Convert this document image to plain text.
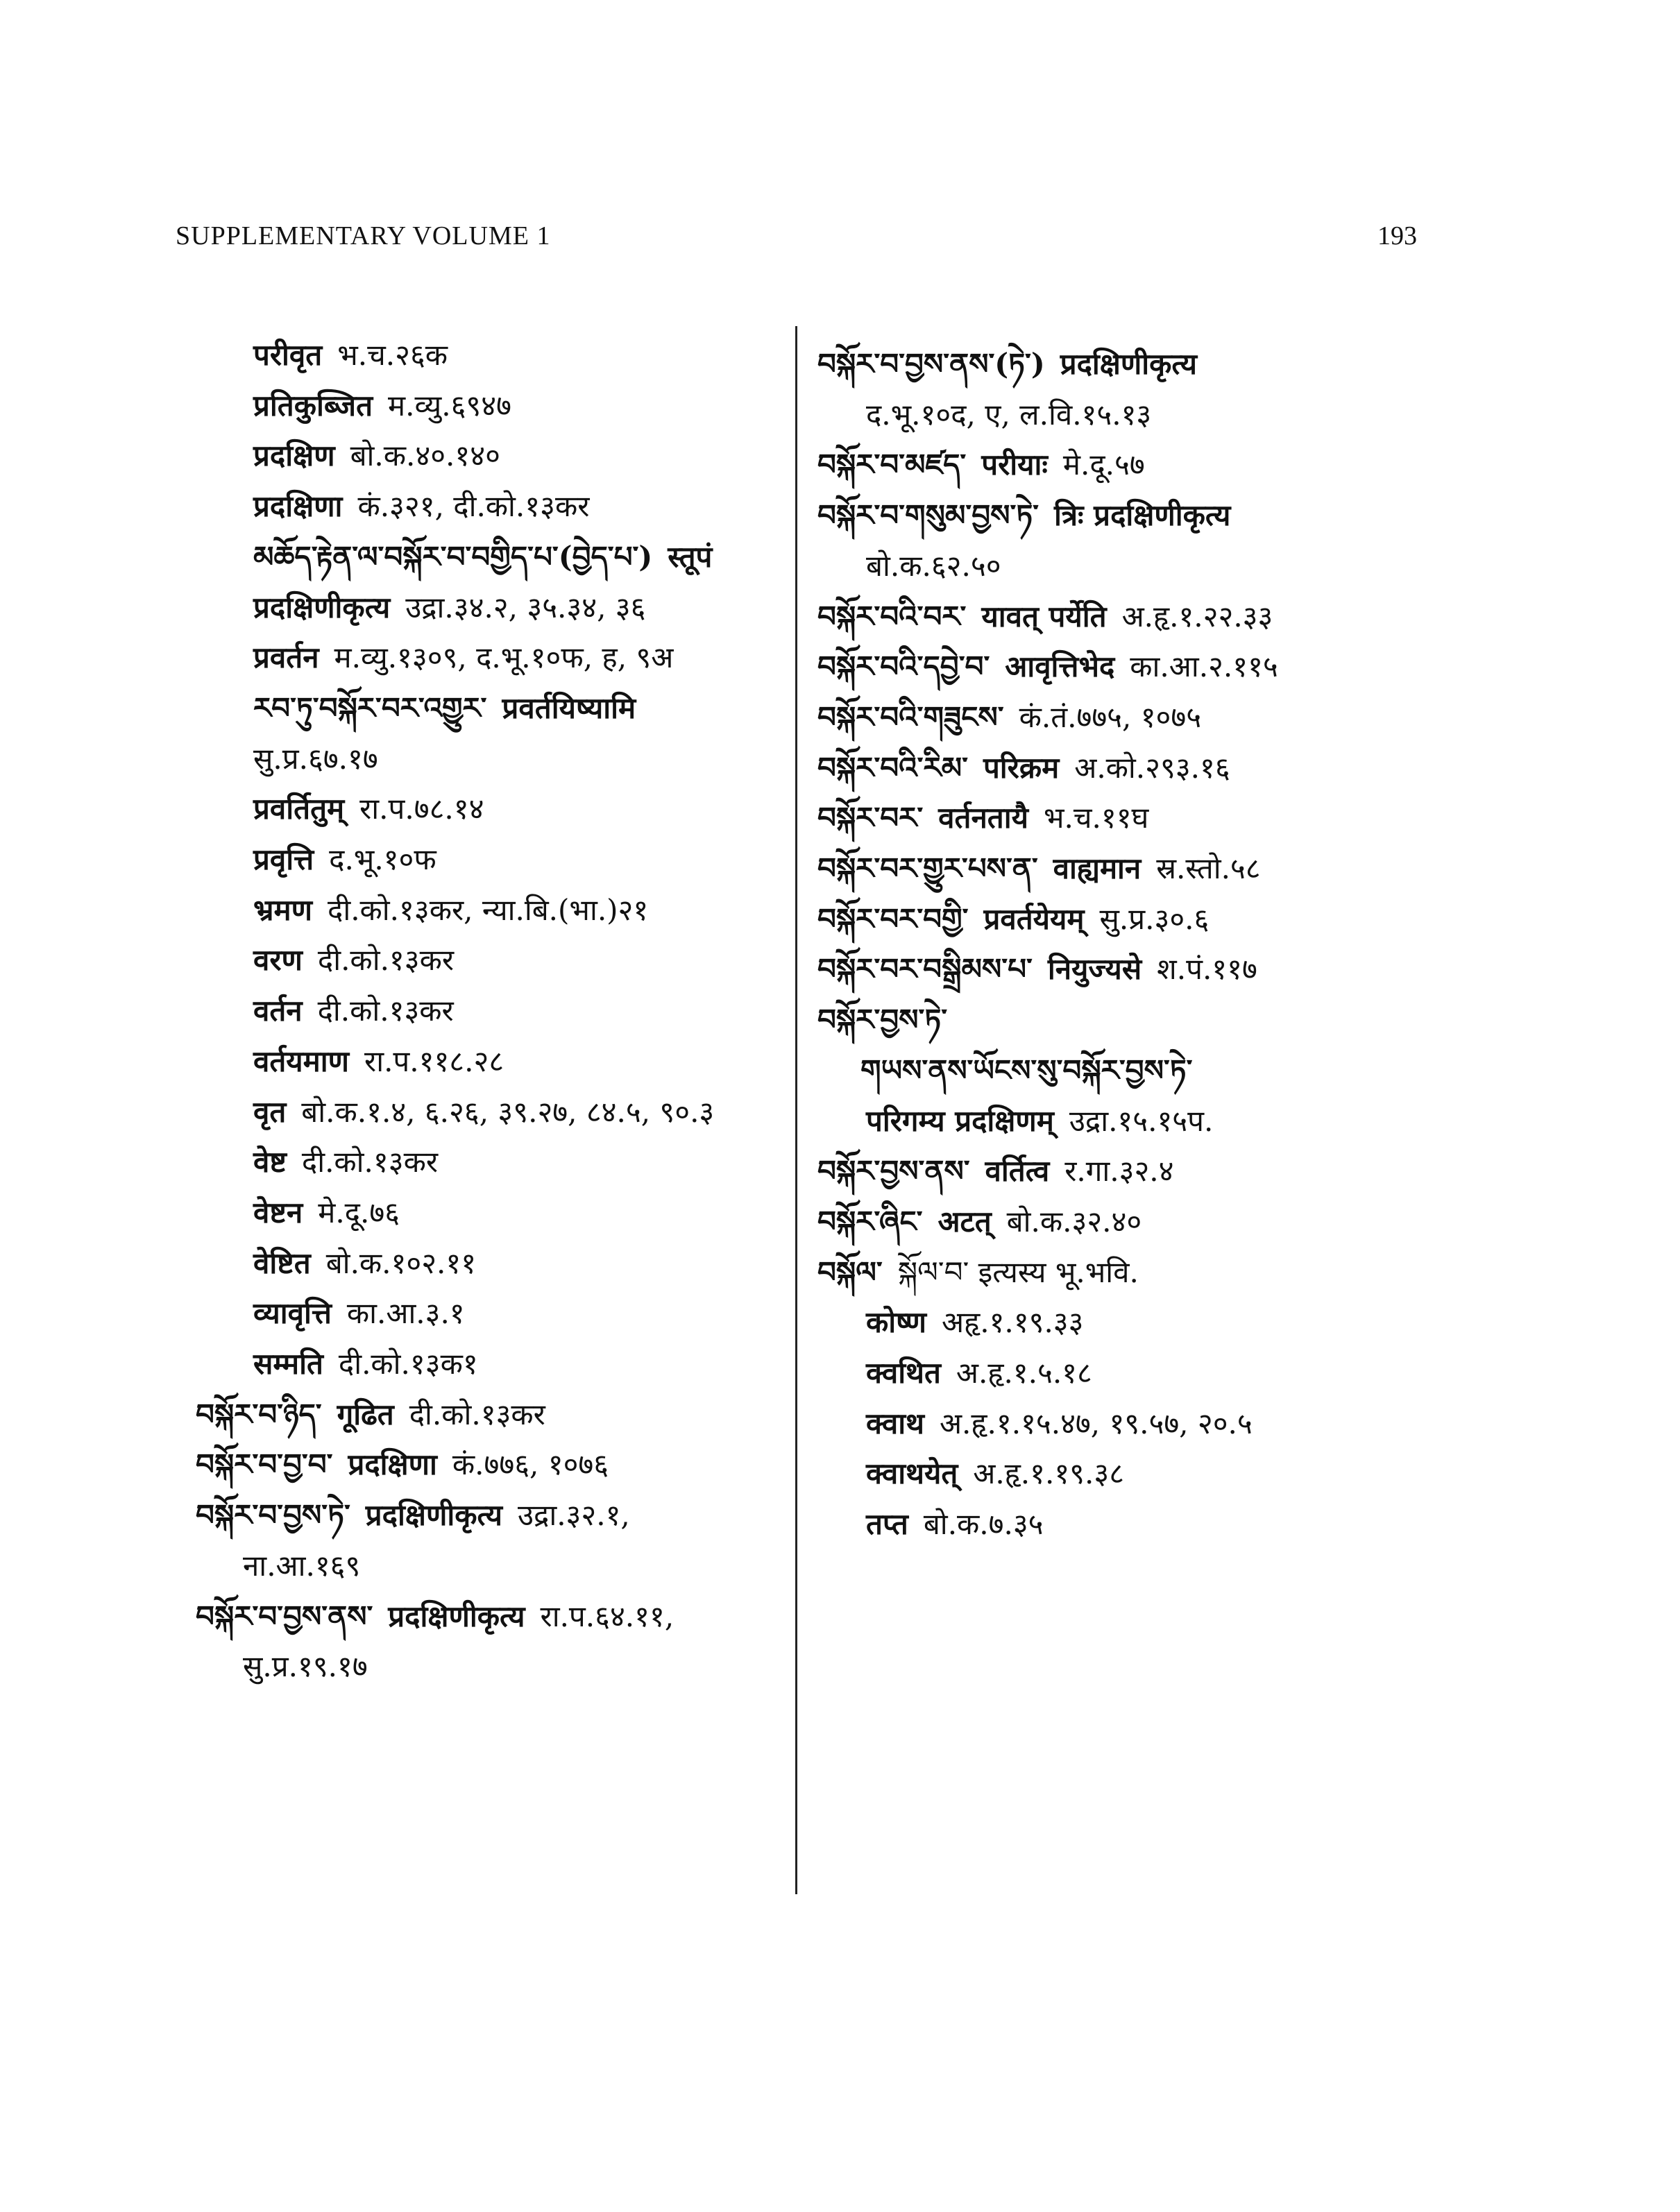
SUPPLEMENTARY VOLUME 1	193
परीवृत भ.च.२६क
प्रतिकुब्जित म.व्यु.६९४७
प्रदक्षिण बो.क.४०.१४०
प्रदक्षिणा कं.३२१, दी.को.१३कर
མཆོད་རྟེན་ལ་བསྐོར་བ་བགྱིད་པ་(བྱེད་པ་) स्तूपं
प्रदक्षिणीकृत्य उद्रा.३४.२, ३५.३४, ३६
प्रवर्तन म.व्यु.१३०९, द.भू.१०फ, ह, ९अ
རབ་ཏུ་བསྐོར་བར་འགྱུར་ प्रवर्तयिष्यामि
सु.प्र.६७.१७
प्रवर्तितुम् रा.प.७८.१४
प्रवृत्ति द.भू.१०फ
भ्रमण दी.को.१३कर, न्या.बि.(भा.)२१
वरण दी.को.१३कर
वर्तन दी.को.१३कर
वर्तयमाण रा.प.११८.२८
वृत बो.क.१.४, ६.२६, ३९.२७, ८४.५, ९०.३
वेष्ट दी.को.१३कर
वेष्टन मे.दू.७६
वेष्टित बो.क.१०२.११
व्यावृत्ति का.आ.३.१
सम्मति दी.को.१३क१
བསྐོར་བ་ཉིད་ गूढित दी.को.१३कर
བསྐོར་བ་བྱ་བ་ प्रदक्षिणा कं.७७६, १०७६
བསྐོར་བ་བྱས་ཏེ་ प्रदक्षिणीकृत्य उद्रा.३२.१,
ना.आ.१६९
བསྐོར་བ་བྱས་ནས་ प्रदक्षिणीकृत्य रा.प.६४.११,
सु.प्र.१९.१७
བསྐོར་བ་བྱས་ནས་(ཏེ་) प्रदक्षिणीकृत्य
द.भू.१०द, ए, ल.वि.१५.१३
བསྐོར་བ་མཛད་ परीयाः मे.दू.५७
བསྐོར་བ་གསུམ་བྱས་ཏེ་ त्रिः प्रदक्षिणीकृत्य
बो.क.६२.५०
བསྐོར་བའི་བར་ यावत् पर्येति अ.हृ.१.२२.३३
བསྐོར་བའི་དབྱེ་བ་ आवृत्तिभेद का.आ.२.११५
བསྐོར་བའི་གཟུངས་ कं.तं.७७५, १०७५
བསྐོར་བའི་རིམ་ परिक्रम अ.को.२९३.१६
བསྐོར་བར་ वर्तनतायै भ.च.११घ
བསྐོར་བར་གྱུར་པས་ན་ वाह्यमान स्र.स्तो.५८
བསྐོར་བར་བགྱི་ प्रवर्तयेयम् सु.प्र.३०.६
བསྐོར་བར་བསྒྲིམས་པ་ नियुज्यसे श.पं.११७
བསྐོར་བྱས་ཏེ་
གཡས་ནས་ཡོངས་སུ་བསྐོར་བྱས་ཏེ་
परिगम्य प्रदक्षिणम् उद्रा.१५.१५प.
བསྐོར་བྱས་ནས་ वर्तित्व र.गा.३२.४
བསྐོར་ཞིང་ अटत् बो.क.३२.४०
བསྐོལ་ སྐོལ་བ་ इत्यस्य भू.भवि.
कोष्ण अहृ.१.१९.३३
क्वथित अ.हृ.१.५.१८
क्वाथ अ.हृ.१.१५.४७, १९.५७, २०.५
क्वाथयेत् अ.हृ.१.१९.३८
तप्त बो.क.७.३५
